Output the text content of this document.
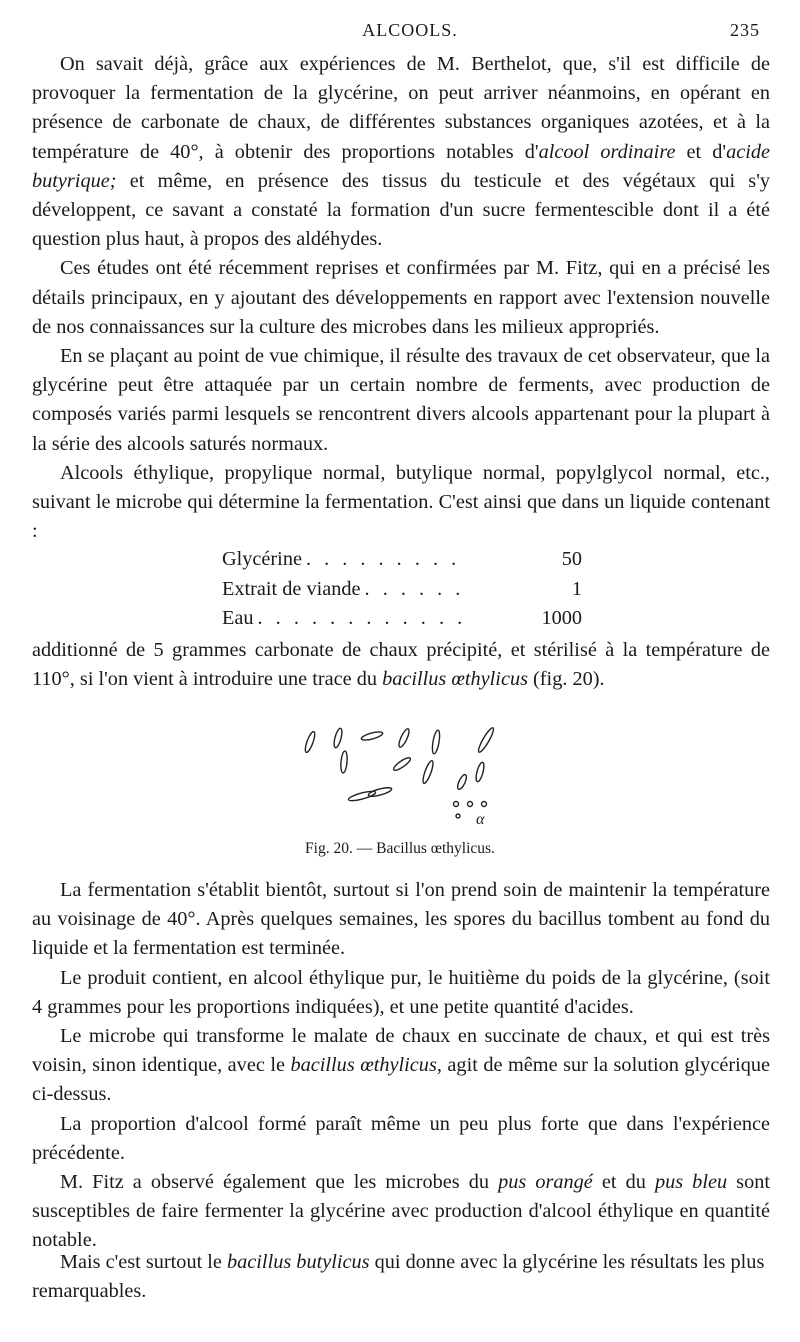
ALCOOLS.	235

On savait déjà, grâce aux expériences de M. Berthelot, que, s'il est difficile de provoquer la fermentation de la glycérine, on peut arriver néanmoins, en opérant en présence de carbonate de chaux, de différentes substances organiques azotées, et à la température de 40°, à obtenir des proportions notables d'alcool ordinaire et d'acide butyrique; et même, en présence des tissus du testicule et des végétaux qui s'y développent, ce savant a constaté la formation d'un sucre fermentescible dont il a été question plus haut, à propos des aldéhydes.

Ces études ont été récemment reprises et confirmées par M. Fitz, qui en a précisé les détails principaux, en y ajoutant des développements en rapport avec l'extension nouvelle de nos connaissances sur la culture des microbes dans les milieux appropriés.

En se plaçant au point de vue chimique, il résulte des travaux de cet observateur, que la glycérine peut être attaquée par un certain nombre de ferments, avec production de composés variés parmi lesquels se rencontrent divers alcools appartenant pour la plupart à la série des alcools saturés normaux.

Alcools éthylique, propylique normal, butylique normal, popylglycol normal, etc., suivant le microbe qui détermine la fermentation. C'est ainsi que dans un liquide contenant :

Glycérine . . . . . . . . .	50
Extrait de viande . . . . . .	1
Eau . . . . . . . . . . . .	1000

additionné de 5 grammes carbonate de chaux précipité, et stérilisé à la température de 110°, si l'on vient à introduire une trace du bacillus œthylicus (fig. 20).

α
Fig. 20. — Bacillus œthylicus.

La fermentation s'établit bientôt, surtout si l'on prend soin de maintenir la température au voisinage de 40°. Après quelques semaines, les spores du bacillus tombent au fond du liquide et la fermentation est terminée.

Le produit contient, en alcool éthylique pur, le huitième du poids de la glycérine, (soit 4 grammes pour les proportions indiquées), et une petite quantité d'acides.

Le microbe qui transforme le malate de chaux en succinate de chaux, et qui est très voisin, sinon identique, avec le bacillus œthylicus, agit de même sur la solution glycérique ci-dessus.

La proportion d'alcool formé paraît même un peu plus forte que dans l'expérience précédente.

M. Fitz a observé également que les microbes du pus orangé et du pus bleu sont susceptibles de faire fermenter la glycérine avec production d'alcool éthylique en quantité notable.

Mais c'est surtout le bacillus butylicus qui donne avec la glycérine les résultats les plus remarquables.
